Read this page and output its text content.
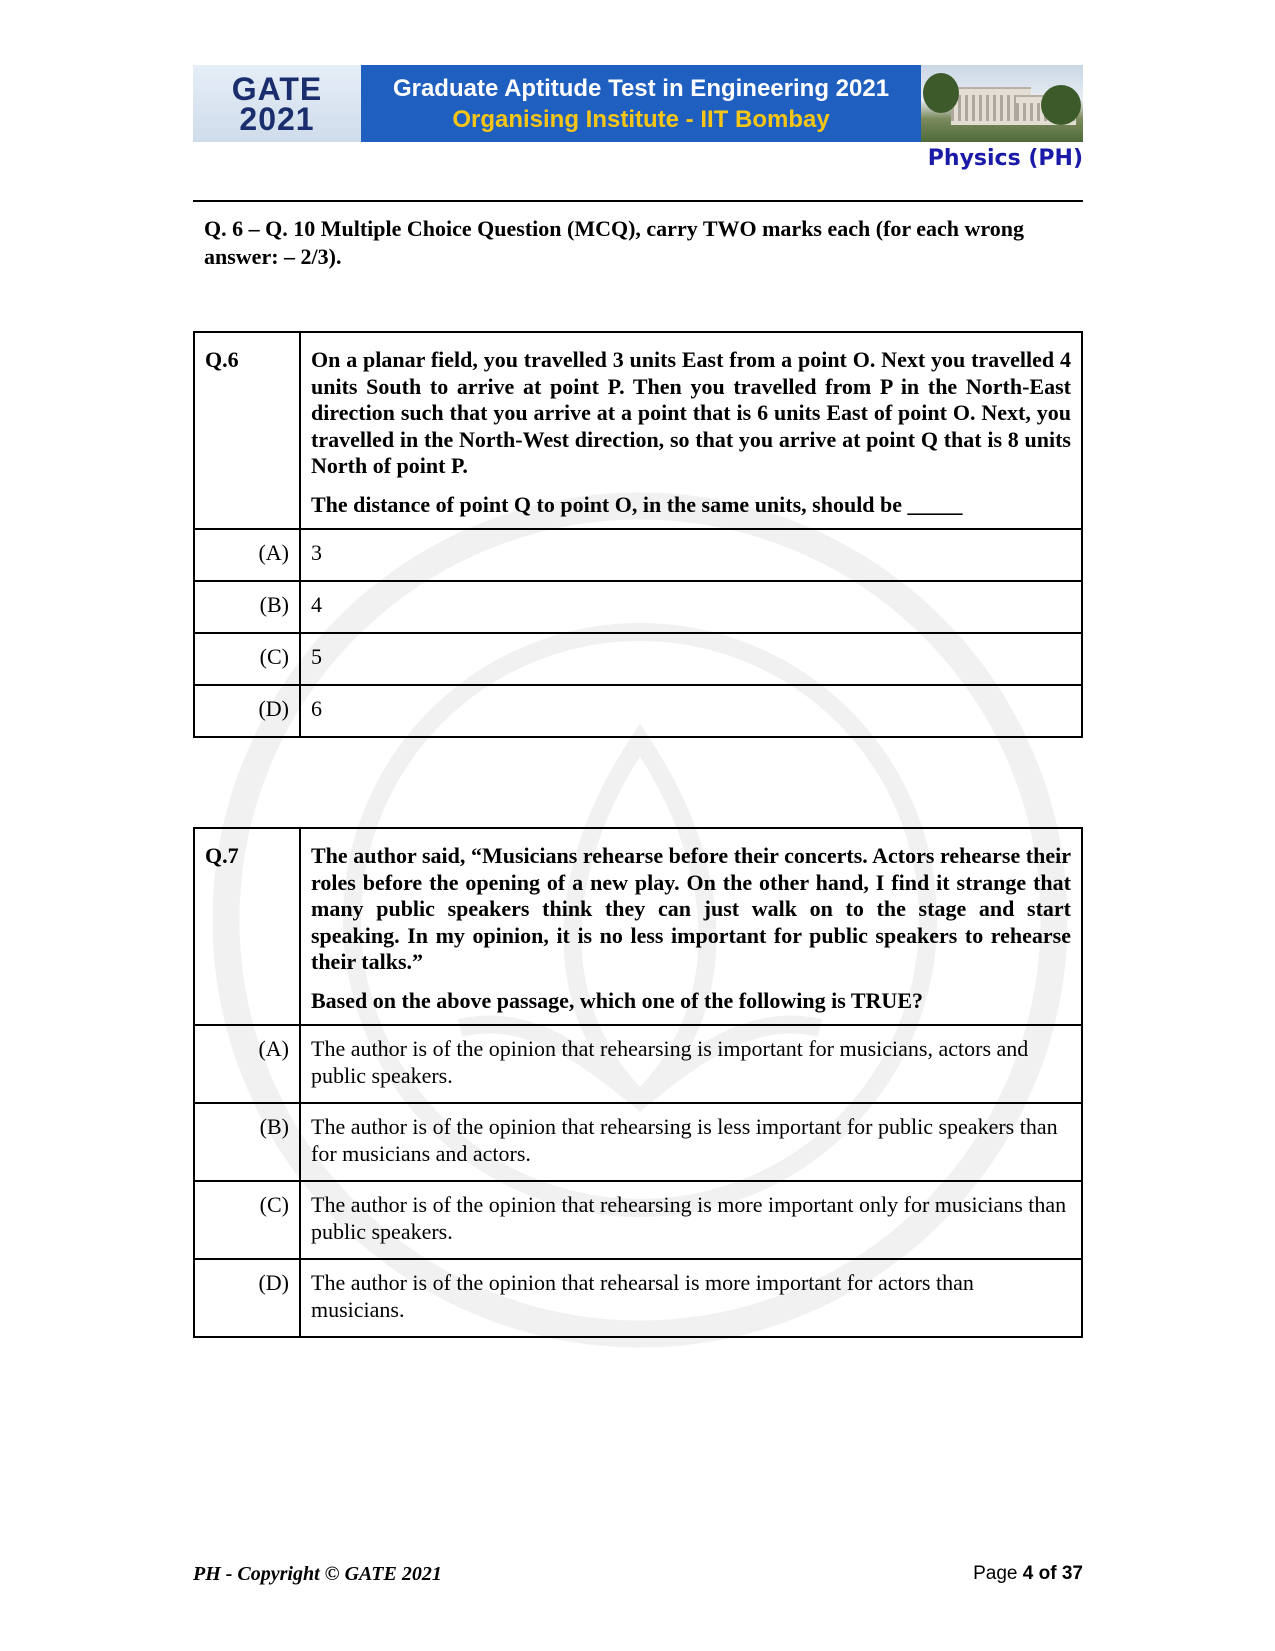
GATE
2021
Graduate Aptitude Test in Engineering 2021
Organising Institute - IIT Bombay
Physics (PH)
Q. 6 – Q. 10 Multiple Choice Question (MCQ), carry TWO marks each (for each wrong answer: – 2/3).
Q.6	On a planar field, you travelled 3 units East from a point O. Next you travelled 4 units South to arrive at point P. Then you travelled from P in the North-East direction such that you arrive at a point that is 6 units East of point O. Next, you travelled in the North-West direction, so that you arrive at point Q that is 8 units North of point P.

The distance of point Q to point O, in the same units, should be _____

(A)	3
(B)	4
(C)	5
(D)	6
Q.7	The author said, “Musicians rehearse before their concerts. Actors rehearse their roles before the opening of a new play. On the other hand, I find it strange that many public speakers think they can just walk on to the stage and start speaking. In my opinion, it is no less important for public speakers to rehearse their talks.”

Based on the above passage, which one of the following is TRUE?

(A)	The author is of the opinion that rehearsing is important for musicians, actors and public speakers.
(B)	The author is of the opinion that rehearsing is less important for public speakers than for musicians and actors.
(C)	The author is of the opinion that rehearsing is more important only for musicians than public speakers.
(D)	The author is of the opinion that rehearsal is more important for actors than musicians.
PH - Copyright © GATE 2021	Page 4 of 37
